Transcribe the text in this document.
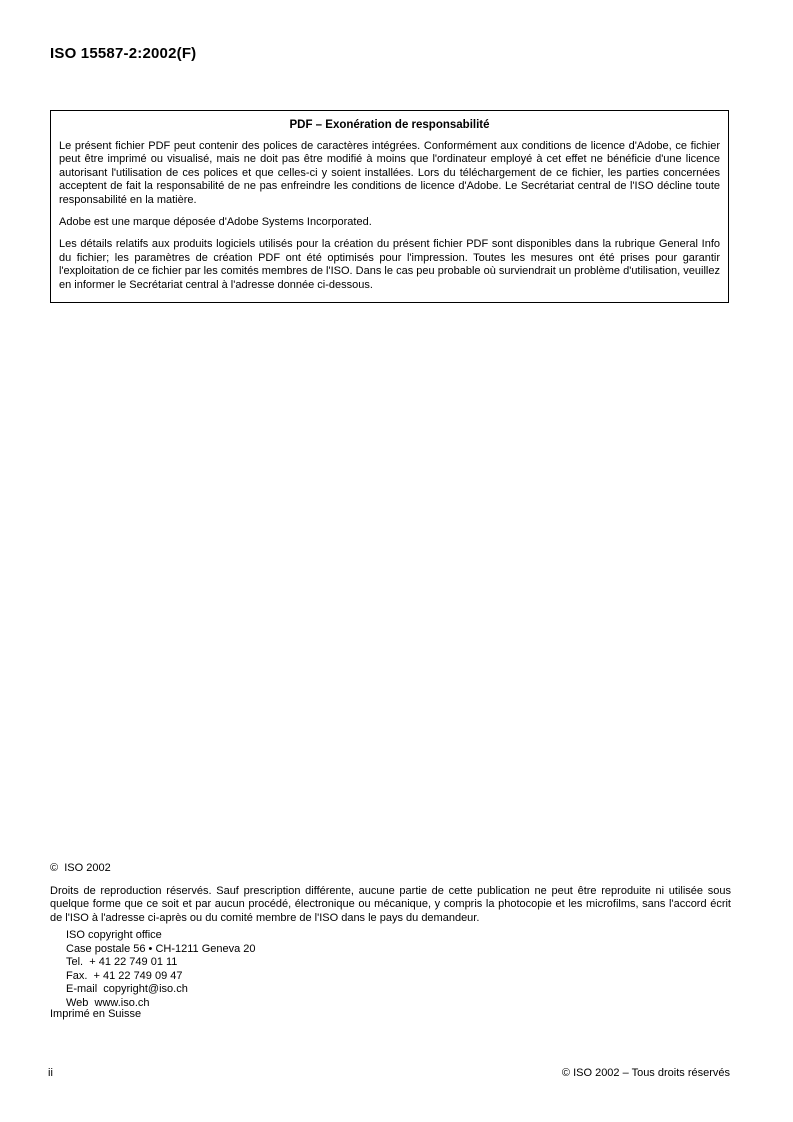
ISO 15587-2:2002(F)
PDF – Exonération de responsabilité
Le présent fichier PDF peut contenir des polices de caractères intégrées. Conformément aux conditions de licence d'Adobe, ce fichier peut être imprimé ou visualisé, mais ne doit pas être modifié à moins que l'ordinateur employé à cet effet ne bénéficie d'une licence autorisant l'utilisation de ces polices et que celles-ci y soient installées. Lors du téléchargement de ce fichier, les parties concernées acceptent de fait la responsabilité de ne pas enfreindre les conditions de licence d'Adobe. Le Secrétariat central de l'ISO décline toute responsabilité en la matière.
Adobe est une marque déposée d'Adobe Systems Incorporated.
Les détails relatifs aux produits logiciels utilisés pour la création du présent fichier PDF sont disponibles dans la rubrique General Info du fichier; les paramètres de création PDF ont été optimisés pour l'impression. Toutes les mesures ont été prises pour garantir l'exploitation de ce fichier par les comités membres de l'ISO. Dans le cas peu probable où surviendrait un problème d'utilisation, veuillez en informer le Secrétariat central à l'adresse donnée ci-dessous.
©  ISO 2002
Droits de reproduction réservés. Sauf prescription différente, aucune partie de cette publication ne peut être reproduite ni utilisée sous quelque forme que ce soit et par aucun procédé, électronique ou mécanique, y compris la photocopie et les microfilms, sans l'accord écrit de l'ISO à l'adresse ci-après ou du comité membre de l'ISO dans le pays du demandeur.
ISO copyright office
Case postale 56 • CH-1211 Geneva 20
Tel.  + 41 22 749 01 11
Fax.  + 41 22 749 09 47
E-mail  copyright@iso.ch
Web  www.iso.ch
Imprimé en Suisse
ii	© ISO 2002 – Tous droits réservés
